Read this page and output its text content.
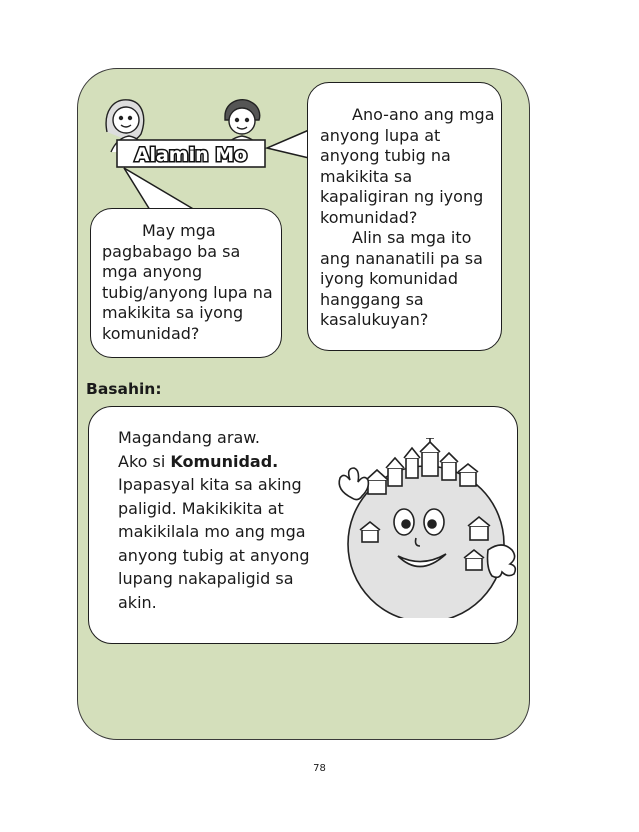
Alamin Mo

May mga pagbabago ba sa mga anyong tubig/anyong lupa na makikita sa iyong komunidad?

Ano-ano ang mga anyong lupa at anyong tubig na makikita sa kapaligiran ng iyong komunidad?

Alin sa mga ito ang nananatili pa sa iyong komunidad hanggang sa kasalukuyan?

Basahin:

Magandang araw.

Ako si Komunidad.

Ipapasyal kita sa aking paligid. Makikikita at makikilala mo ang mga anyong tubig at anyong lupang nakapaligid sa akin.

78
